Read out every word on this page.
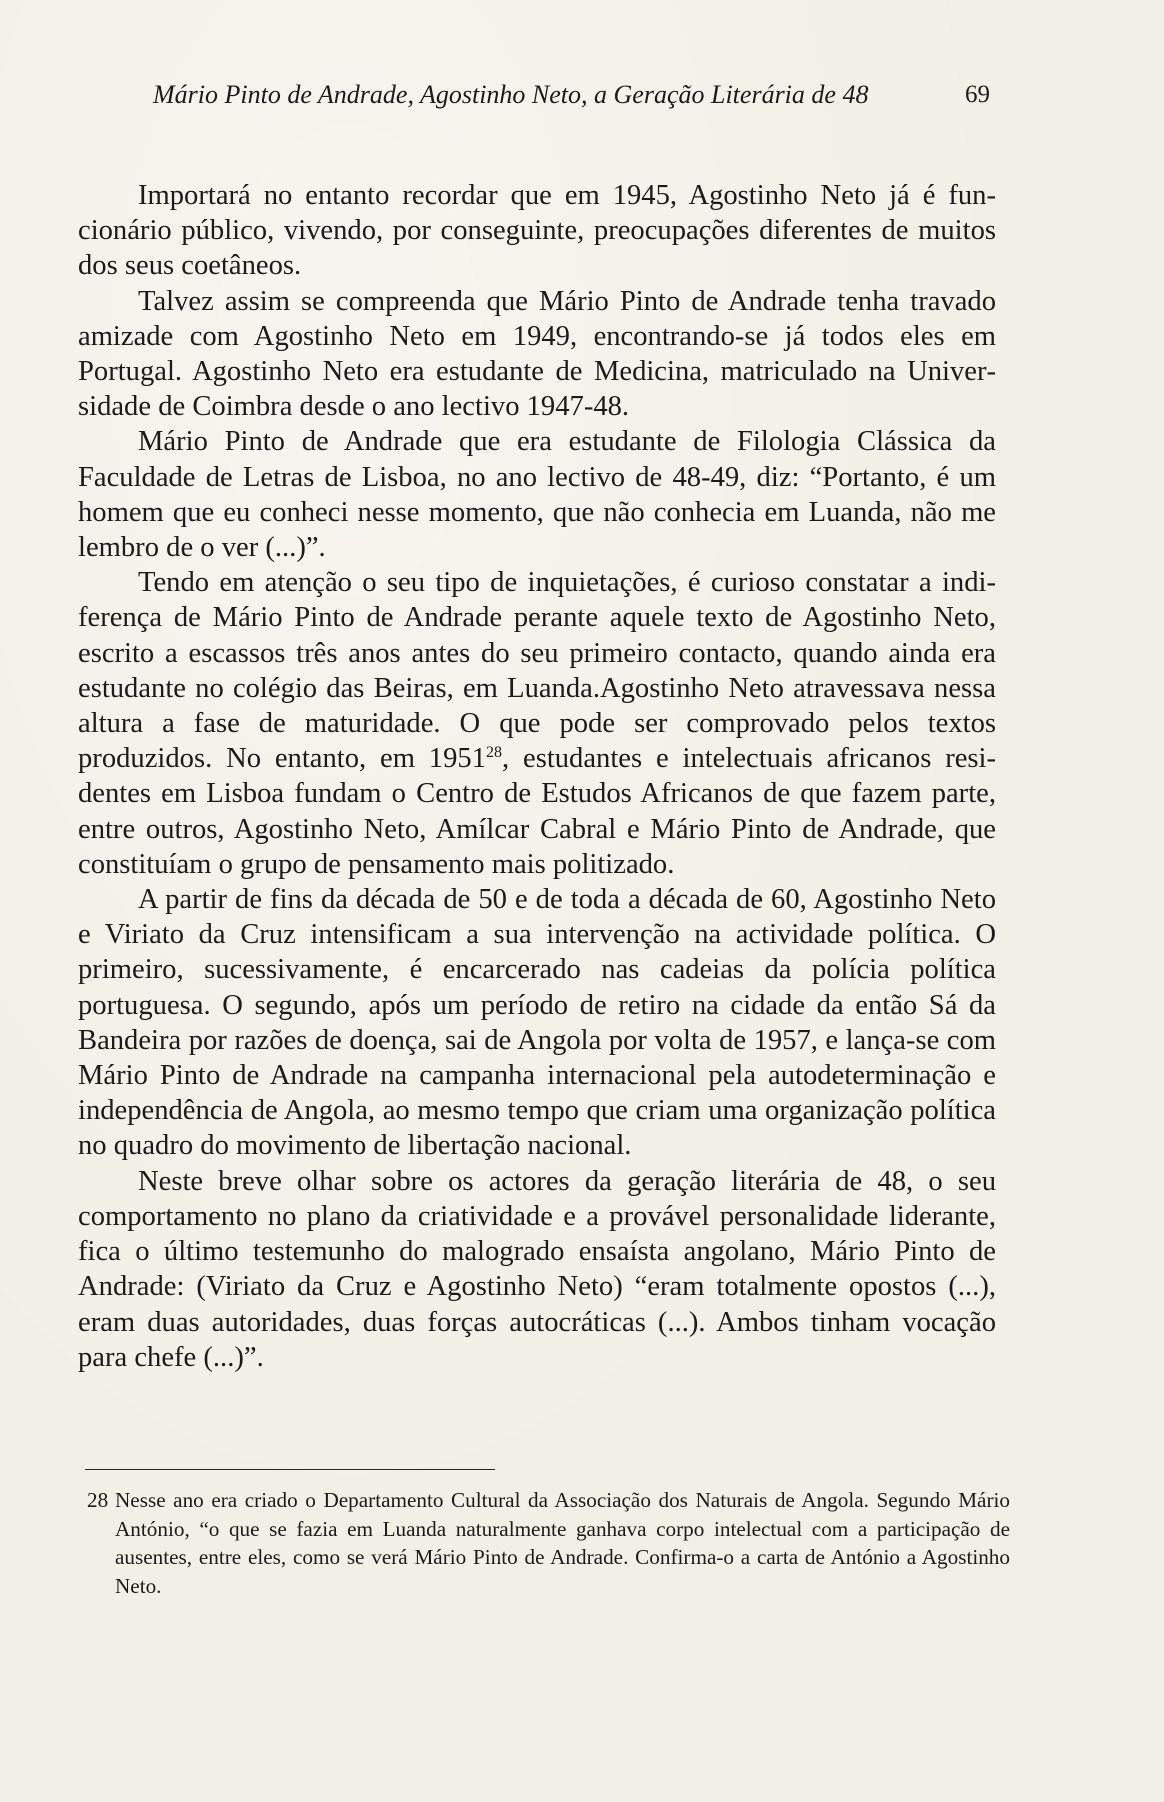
Mário Pinto de Andrade, Agostinho Neto, a Geração Literária de 48	69

Importará no entanto recordar que em 1945, Agostinho Neto já é funcionário público, vivendo, por conseguinte, preocupações diferentes de muitos dos seus coetâneos.

Talvez assim se compreenda que Mário Pinto de Andrade tenha travado amizade com Agostinho Neto em 1949, encontrando-se já todos eles em Portugal. Agostinho Neto era estudante de Medicina, matriculado na Universidade de Coimbra desde o ano lectivo 1947-48.

Mário Pinto de Andrade que era estudante de Filologia Clássica da Faculdade de Letras de Lisboa, no ano lectivo de 48-49, diz: “Portanto, é um homem que eu conheci nesse momento, que não conhecia em Luanda, não me lembro de o ver (...)”.

Tendo em atenção o seu tipo de inquietações, é curioso constatar a indiferença de Mário Pinto de Andrade perante aquele texto de Agostinho Neto, escrito a escassos três anos antes do seu primeiro contacto, quando ainda era estudante no colégio das Beiras, em Luanda.Agostinho Neto atravessava nessa altura a fase de maturidade. O que pode ser comprovado pelos textos produzidos. No entanto, em 1951$^{28}$, estudantes e intelectuais africanos residentes em Lisboa fundam o Centro de Estudos Africanos de que fazem parte, entre outros, Agostinho Neto, Amílcar Cabral e Mário Pinto de Andrade, que constituíam o grupo de pensamento mais politizado.

A partir de fins da década de 50 e de toda a década de 60, Agostinho Neto e Viriato da Cruz intensificam a sua intervenção na actividade política. O primeiro, sucessivamente, é encarcerado nas cadeias da polícia política portuguesa. O segundo, após um período de retiro na cidade da então Sá da Bandeira por razões de doença, sai de Angola por volta de 1957, e lança-se com Mário Pinto de Andrade na campanha internacional pela autodeterminação e independência de Angola, ao mesmo tempo que criam uma organização política no quadro do movimento de libertação nacional.

Neste breve olhar sobre os actores da geração literária de 48, o seu comportamento no plano da criatividade e a provável personalidade liderante, fica o último testemunho do malogrado ensaísta angolano, Mário Pinto de Andrade: (Viriato da Cruz e Agostinho Neto) “eram totalmente opostos (...), eram duas autoridades, duas forças autocráticas (...). Ambos tinham vocação para chefe (...)”.

28 Nesse ano era criado o Departamento Cultural da Associação dos Naturais de Angola. Segundo Mário António, “o que se fazia em Luanda naturalmente ganhava corpo intelectual com a participação de ausentes, entre eles, como se verá Mário Pinto de Andrade. Confirma-o a carta de António a Agostinho Neto.
